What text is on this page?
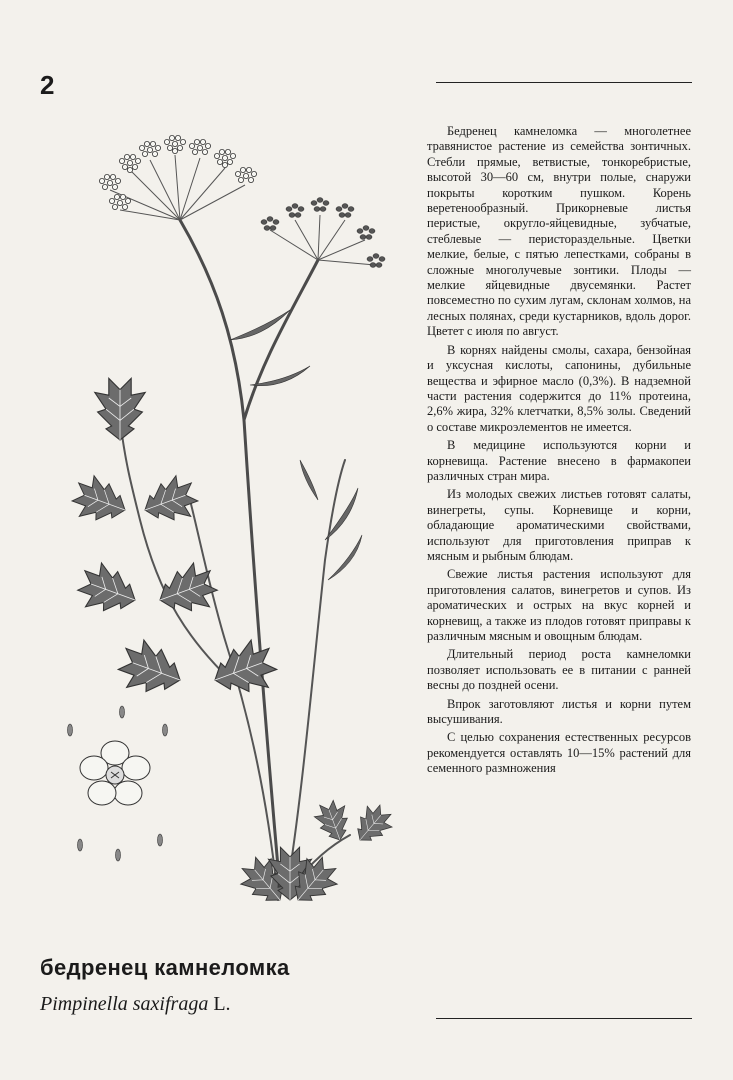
2

Бедренец камнеломка — многолетнее травянистое растение из семейства зонтичных. Стебли прямые, ветвистые, тонкоребристые, высотой 30—60 см, внутри полые, снаружи покрыты коротким пушком. Корень веретенообразный. Прикорневые листья перистые, округло-яйцевидные, зубчатые, стеблевые — перистораздельные. Цветки мелкие, белые, с пятью лепестками, собраны в сложные многолучевые зонтики. Плоды — мелкие яйцевидные двусемянки. Растет повсеместно по сухим лугам, склонам холмов, на лесных полянах, среди кустарников, вдоль дорог. Цветет с июля по август.

В корнях найдены смолы, сахара, бензойная и уксусная кислоты, сапонины, дубильные вещества и эфирное масло (0,3%). В надземной части растения содержится до 11% протеина, 2,6% жира, 32% клетчатки, 8,5% золы. Сведений о составе микроэлементов не имеется.

В медицине используются корни и корневища. Растение внесено в фармакопеи различных стран мира.

Из молодых свежих листьев готовят салаты, винегреты, супы. Корневище и корни, обладающие ароматическими свойствами, используют для приготовления приправ к мясным и рыбным блюдам.

Свежие листья растения используют для приготовления салатов, винегретов и супов. Из ароматических и острых на вкус корней и корневищ, а также из плодов готовят приправы к различным мясным и овощным блюдам.

Длительный период роста камнеломки позволяет использовать ее в питании с ранней весны до поздней осени.

Впрок заготовляют листья и корни путем высушивания.

С целью сохранения естественных ресурсов рекомендуется оставлять 10—15% растений для семенного размножения

бедренец камнеломка
Pimpinella saxifraga L.
